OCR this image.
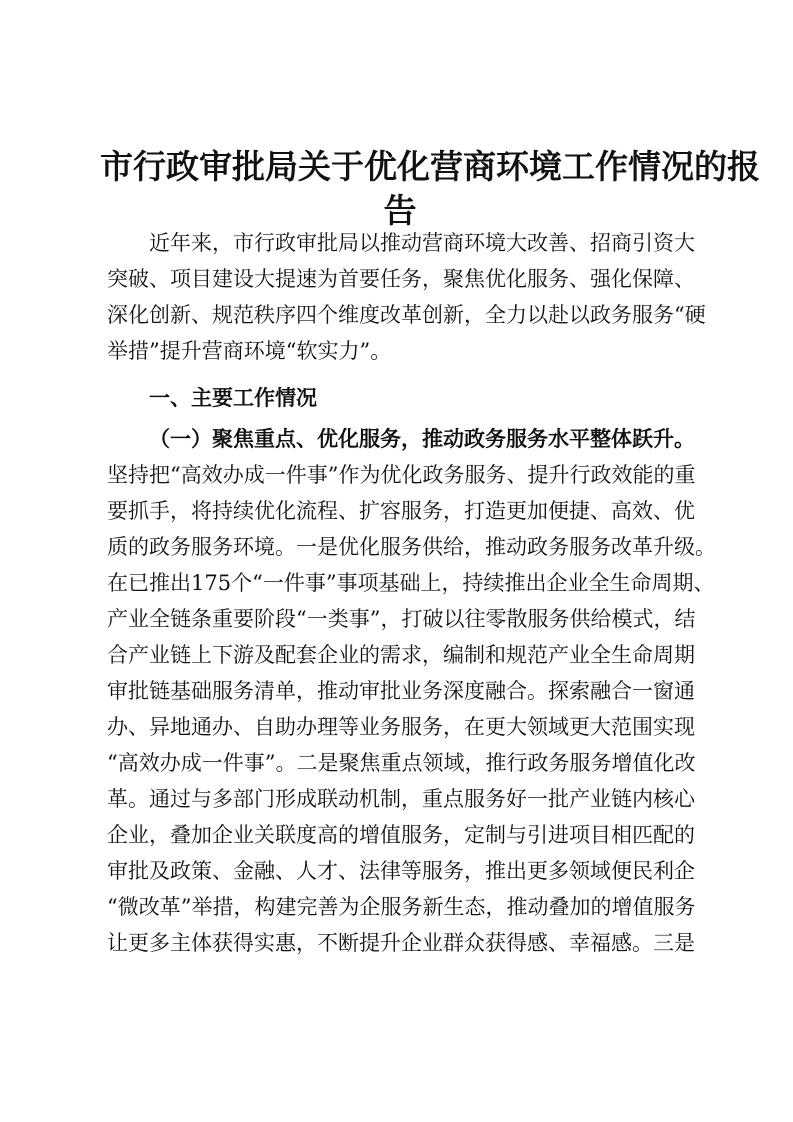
市行政审批局关于优化营商环境工作情况的报
告
近年来，市行政审批局以推动营商环境大改善、招商引资大
突破、项目建设大提速为首要任务，聚焦优化服务、强化保障、
深化创新、规范秩序四个维度改革创新，全力以赴以政务服务“硬
举措”提升营商环境“软实力”。
一、主要工作情况
（一）聚焦重点、优化服务，推动政务服务水平整体跃升。
坚持把“高效办成一件事”作为优化政务服务、提升行政效能的重
要抓手，将持续优化流程、扩容服务，打造更加便捷、高效、优
质的政务服务环境。一是优化服务供给，推动政务服务改革升级。
在已推出175个“一件事”事项基础上，持续推出企业全生命周期、
产业全链条重要阶段“一类事”，打破以往零散服务供给模式，结
合产业链上下游及配套企业的需求，编制和规范产业全生命周期
审批链基础服务清单，推动审批业务深度融合。探索融合一窗通
办、异地通办、自助办理等业务服务，在更大领域更大范围实现
“高效办成一件事”。二是聚焦重点领域，推行政务服务增值化改
革。通过与多部门形成联动机制，重点服务好一批产业链内核心
企业，叠加企业关联度高的增值服务，定制与引进项目相匹配的
审批及政策、金融、人才、法律等服务，推出更多领域便民利企
“微改革”举措，构建完善为企服务新生态，推动叠加的增值服务
让更多主体获得实惠，不断提升企业群众获得感、幸福感。三是
